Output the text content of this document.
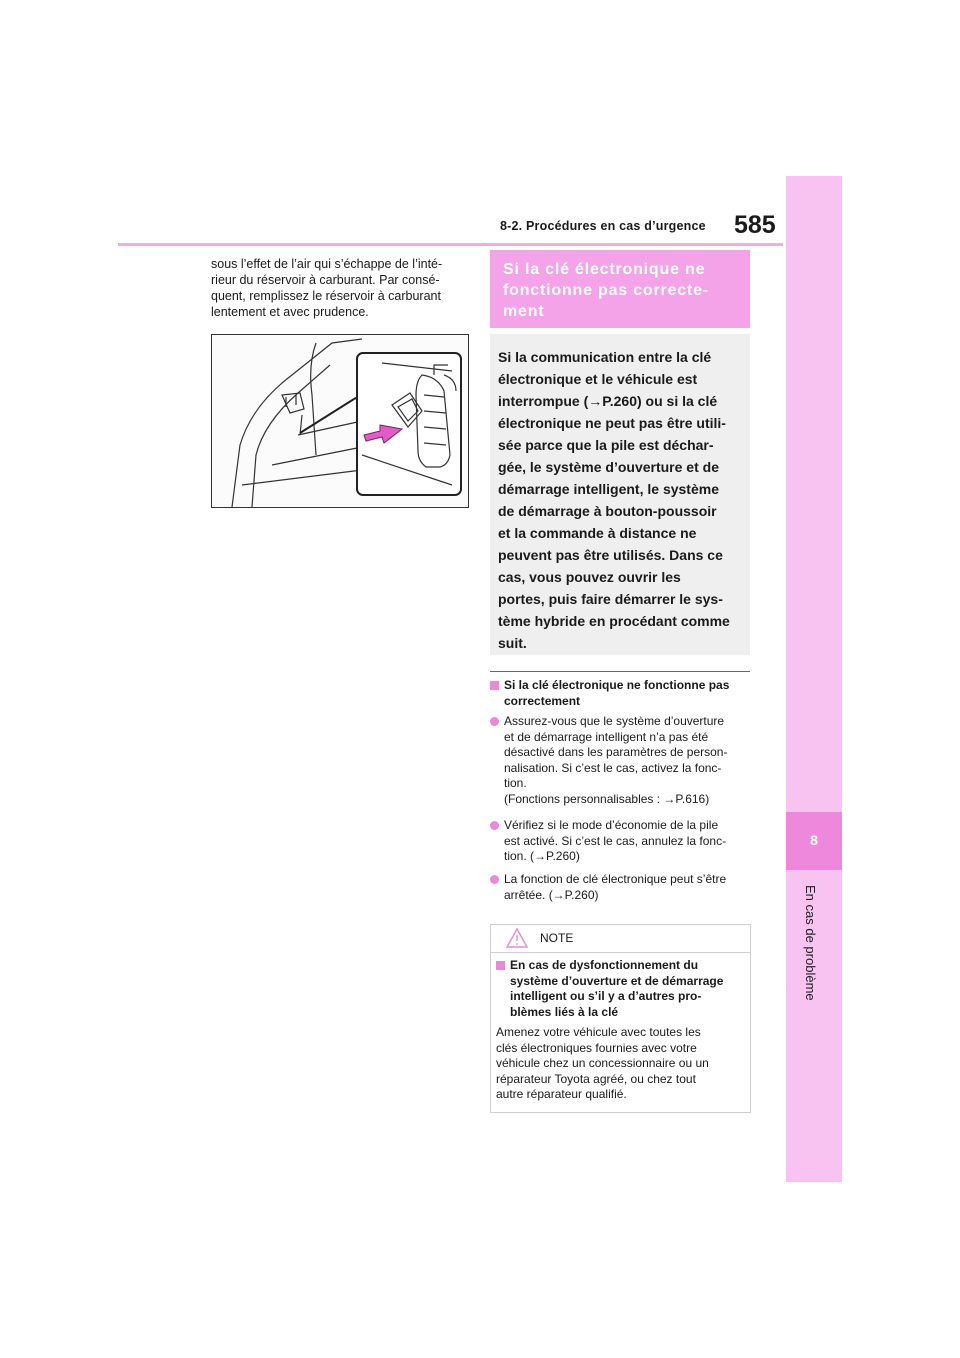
8-2. Procédures en cas d’urgence 585
8
En cas de problème

sous l’effet de l’air qui s’échappe de l’inté-
rieur du réservoir à carburant. Par consé-
quent, remplissez le réservoir à carburant
lentement et avec prudence.

Si la clé électronique ne
fonctionne pas correcte-
ment

Si la communication entre la clé
électronique et le véhicule est
interrompue (→P.260) ou si la clé
électronique ne peut pas être utili-
sée parce que la pile est déchar-
gée, le système d’ouverture et de
démarrage intelligent, le système
de démarrage à bouton-poussoir
et la commande à distance ne
peuvent pas être utilisés. Dans ce
cas, vous pouvez ouvrir les
portes, puis faire démarrer le sys-
tème hybride en procédant comme
suit.

Si la clé électronique ne fonctionne pas
correctement

Assurez-vous que le système d’ouverture
et de démarrage intelligent n’a pas été
désactivé dans les paramètres de person-
nalisation. Si c’est le cas, activez la fonc-
tion.
(Fonctions personnalisables : →P.616)

Vérifiez si le mode d’économie de la pile
est activé. Si c’est le cas, annulez la fonc-
tion. (→P.260)

La fonction de clé électronique peut s’être
arrêtée. (→P.260)

NOTE

En cas de dysfonctionnement du
système d’ouverture et de démarrage
intelligent ou s’il y a d’autres pro-
blèmes liés à la clé

Amenez votre véhicule avec toutes les
clés électroniques fournies avec votre
véhicule chez un concessionnaire ou un
réparateur Toyota agréé, ou chez tout
autre réparateur qualifié.
